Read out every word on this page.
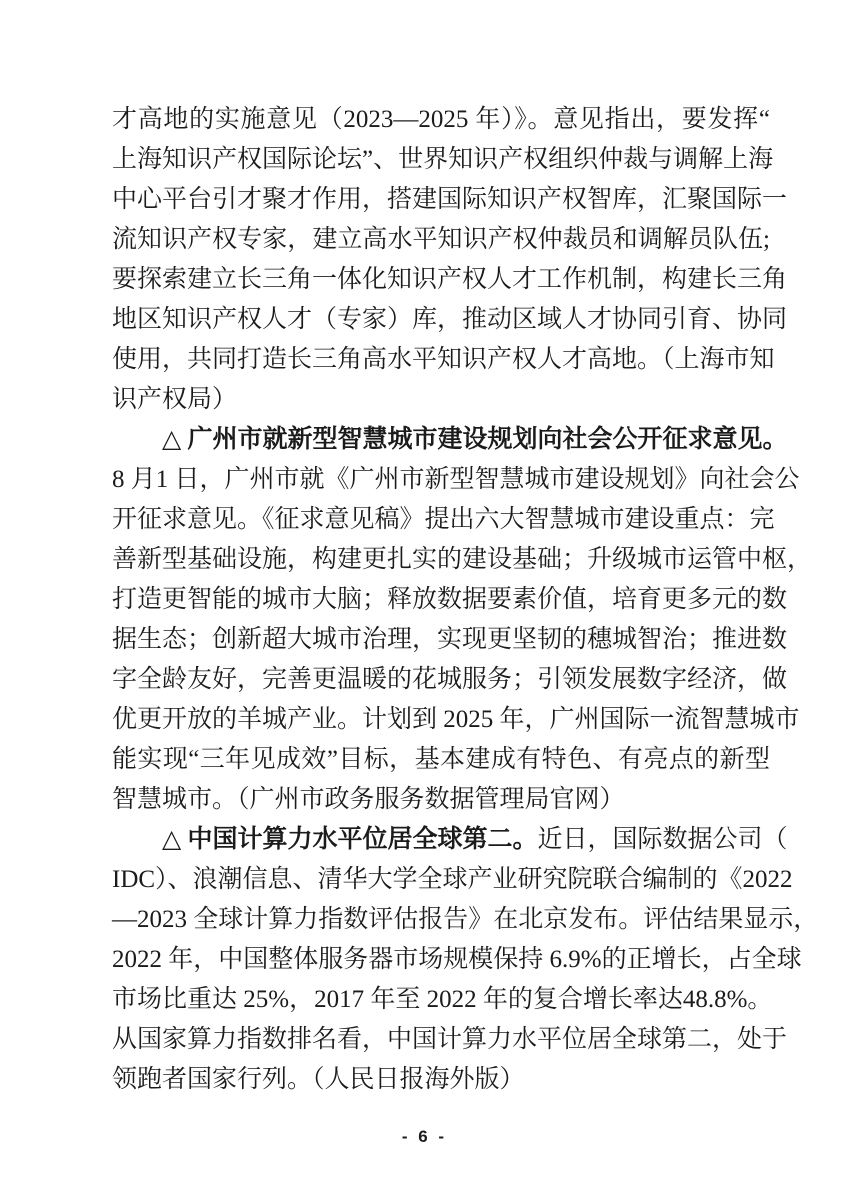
才高地的实施意见（2023—2025 年）》。意见指出，要发挥“
上海知识产权国际论坛”、世界知识产权组织仲裁与调解上海
中心平台引才聚才作用，搭建国际知识产权智库，汇聚国际一
流知识产权专家，建立高水平知识产权仲裁员和调解员队伍;
要探索建立长三角一体化知识产权人才工作机制，构建长三角
地区知识产权人才（专家）库，推动区域人才协同引育、协同
使用，共同打造长三角高水平知识产权人才高地。（上海市知
识产权局）
△ 广州市就新型智慧城市建设规划向社会公开征求意见。
8 月1 日，广州市就《广州市新型智慧城市建设规划》向社会公
开征求意见。《征求意见稿》提出六大智慧城市建设重点：完
善新型基础设施，构建更扎实的建设基础；升级城市运管中枢，
打造更智能的城市大脑；释放数据要素价值，培育更多元的数
据生态；创新超大城市治理，实现更坚韧的穗城智治；推进数
字全龄友好，完善更温暖的花城服务；引领发展数字经济，做
优更开放的羊城产业。计划到 2025 年，广州国际一流智慧城市
能实现“三年见成效”目标，基本建成有特色、有亮点的新型
智慧城市。（广州市政务服务数据管理局官网）
△ 中国计算力水平位居全球第二。近日，国际数据公司（
IDC）、浪潮信息、清华大学全球产业研究院联合编制的《2022
—2023 全球计算力指数评估报告》在北京发布。评估结果显示，
2022 年，中国整体服务器市场规模保持 6.9%的正增长，占全球
市场比重达 25%，2017 年至 2022 年的复合增长率达48.8%。
从国家算力指数排名看，中国计算力水平位居全球第二，处于
领跑者国家行列。（人民日报海外版）
- 6 -
